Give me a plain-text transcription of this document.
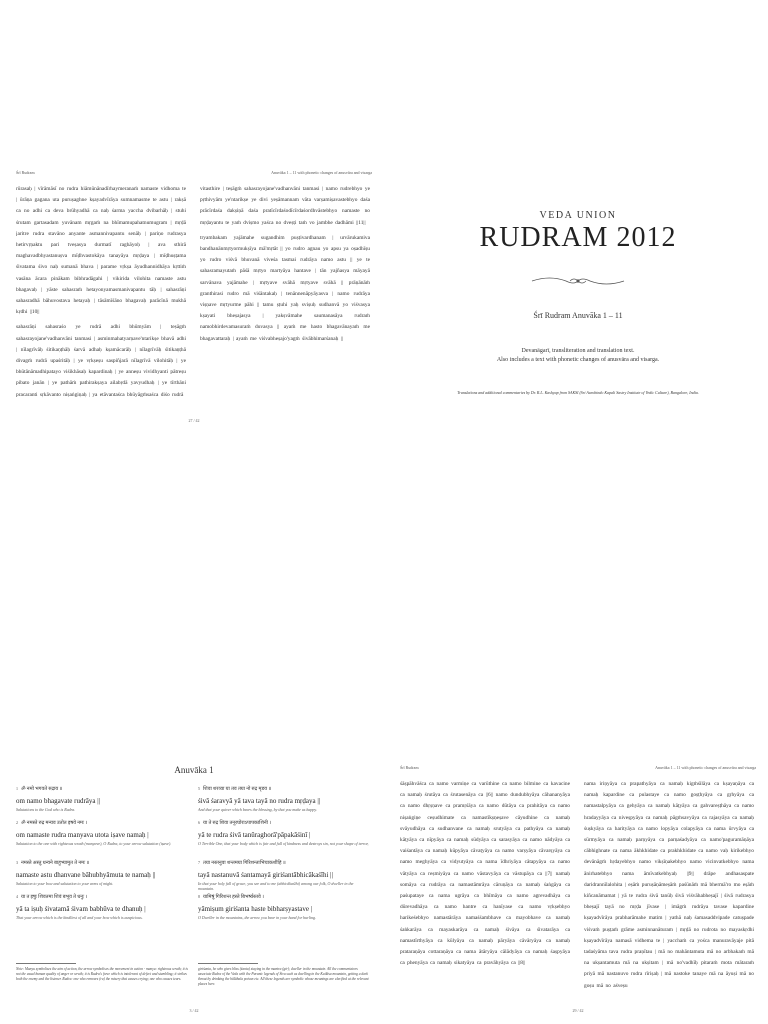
Śrī Rudram	Anuvāka 1 – 11 with phonetic changes of anusvāra and visarga

rūrasaḥ | vīrāmāsī no rudra hiāmūnānadīrhaymeranaṁ namaste vidhoma te | ūrāṇa gagana uta puruṣaghne kṣayadvīrāya sumnamasme te astu | rakṣā ca no adhi ca deva brūhyadhā ca naḥ śarma yaccha dvibarhāḥ | stuhi śrutam gartasadam yuvānam mṛgaṁ na bhīmamupahatnumugram | mṛḍā jaritre rudra stavāno anyante asmannivapantu senāḥ | pariṇo rudrasya hetirvṛṇaktu pari tveṣasya durmatī raghāyoḥ | ava sthirā maghavadbhyastanuṣva mīḍhvastokāya tanayāya mṛḍaya | mīḍhuṣṭama śivatama śivo naḥ sumanā bhava | parame vṛkṣa āyudhannidhāya kṛttiṁ vasāna ācara pinākam bibhradāgahi | vikirida vilohita namaste astu bhagavaḥ | yāste sahasraṁ hetayonyamasmanivapantu tāḥ | sahasrāṇi sahasradhā bāhuvostava hetayaḥ | tāsāmīśāno bhagavaḥ parācīnā mukhā kṛdhi ||10||

sahasrāṇi sahasraśo ye rudrā adhi bhūmyām | teṣāgṁ sahasrayojane'vadhanvāni tanmasi | asminmahatyarṇave'ntarikṣe bhavā adhi | nīlagrīvāḥ śitikaṇṭhāḥ śarvā adhaḥ kṣamācarāḥ | nīlagrīvāḥ śitikaṇṭhā divagṁ rudrā upaśritāḥ | ye vṛkṣeṣu saspiñjarā nīlagrīvā vilohitāḥ | ye bhūtānāmadhipatayo viśikhāsaḥ kapardinaḥ | ye anneṣu vividhyanti pātreṣu pibato janān | ye pathāṁ pathirakṣaya ailabṛdā yavyudhaḥ | ye tīrthāni pracaranti sṛkāvanto niṣaṅgiṇaḥ | ya etāvantaśca bhūyāgṁsaśca diśo rudrā

vitasthire | teṣāgṁ sahasrayojane'vadhanvāni tanmasi | namo rudrebhyo ye pṛthivyām ye'ntarikṣe ye divi yeṣāmannam vāta varṣamiṣavastebhyo daśa prācīrdaśa dakṣiṇā daśa pratīcīrdaśodīcīrdaśordhvāstebhyo namaste no mṛḍayantu te yaṁ dviṣmo yaśca no dveṣṭi taṁ vo jambhe dadhāmi ||11||

tryambakam yajāmahe sugandhim puṣṭivardhanam | urvārukamiva bandhanānmṛtyormukṣīya mā'mṛtāt || yo rudro agnau yo apsu ya oṣadhīṣu yo rudro viśvā bhuvanā viveśa tasmai rudrāya namo astu || ye te sahasramayutaṁ pāśā mṛtyo martyāya hantave | tān yajñasya māyayā sarvānava yajāmahe | mṛtyave svāhā mṛtyave svāhā || prāṇānāṁ granthirasi rudro mā viśāntakaḥ | tenānnenāpyāyasva | namo rudrāya viṣṇave mṛtyurme pāhi || tamu ṣṭuhi yaḥ sviṣuḥ sudhanvā yo viśvasya kṣayati bheṣajasya | yakṣvāmahe saumanasāya rudraṁ namobhirdevamasuraṁ duvasya || ayaṁ me hasto bhagavānayaṁ me bhagavattaraḥ | ayaṁ me viśvabheṣajo'yagṁ śivābhimarśanaḥ ||

27 / 42
VEDA UNION
RUDRAM 2012
Śrī Rudram Anuvāka 1 – 11
Devanāgarī, transliteration and translation text.
Also includes a text with phonetic changes of anusvāra and visarga.
Translations and additional commentaries by Dr. R.L. Kashyap from SAKSI (Sri Aurobindo Kapali Sastry Institute of Vedic Culture), Bangalore, India.
Anuvāka 1
1 ॐ नमो भगवते रुद्राय ॥
om namo bhagavate rudrāya ||
Salutations to the God who is Rudra.
2 ॐ नमस्ते रुद्र मन्यव उतोत इषवे नमः ।
om namaste rudra manyava utota iṣave namaḥ |
Salutation to the one with righteous wrath (manyave), O Rudra, to your arrow salutation (iṣave).
3 नमस्ते अस्तु धन्वने बाहुभ्यामुत ते नमः ॥
namaste astu dhanvane bāhubhyāmuta te namaḥ ||
Salutation to your bow and salutation to your arms of might.
4 या त इषुः शिवतमा शिवं बभूव ते धनुः ।
yā ta iṣuḥ śivatamā śivam babhūva te dhanuḥ |
That your arrow which is the kindliest of all and your bow which is auspicious.
5 शिवा शरव्या या तव तया नो रुद्र मृडय ॥
śivā śaravyā yā tava tayā no rudra mṛḍaya ||
And that your quiver which bears the blessing, by that you make us happy.
6 या ते रुद्र शिवा तनूरघोराऽपापकाशिनी ।
yā te rudra śivā tanūraghorā'pāpakāśinī |
O Terrible One, that your body which is fair and full of kindness and destroys sin, not your shape of terror,
7 तया नस्तनुवा शन्तमया गिरिशन्ताभिचाकशीहि ॥
tayā nastanuvā śantamayā giriśantābhicākaśīhi ||
In that your holy fall of grace, you see and to me (abhicākaśīhi) among our folk, O dweller in the mountain.
8 यामिषुं गिरिशन्त हस्ते बिभर्ष्यस्तवे ।
yāmiṣum giriśanta haste bibharṣyastave |
O Dweller in the mountains, the arrow you bear in your hand for hurling.
Note: Manyu symbolises the aim of action, the arrow symbolises the movement in action - manyu: righteous wrath; it is not the usual human quality of anger or wrath; it is Rudra's force which is intolerant of defect and stumbling; it strikes both the enemy and the listener. Rudra: one who removes (ru) the misery that causes crying; one who causes tears.
giriśanta, he who gives bliss (śanta) staying in the mantra (gir); dweller in the mountain. All the commentators associate Rudra of the Veda with the Puranic legends of Śiva such as dwelling in the Kailāsa mountain, getting a dark throat by drinking the hālāhala poison etc. All these legends are symbolic whose meanings are clarified at the relevant places here.
3 / 42
Śrī Rudram	Anuvāka 1 – 11 with phonetic changes of anusvāra and visarga

śāṣpāhvāśca ca namo varmiṇe ca varūthine ca namo bilmine ca kavacine ca namaḥ śrutāya ca śrutasenāya ca ||6|| namo dundubhyāya cāhananyāya ca namo dhṛṣṇave ca pramṛśāya ca namo dūtāya ca prahitāya ca namo niṣaṅgiṇe ceṣudhimate ca namastīkṣṇeṣave cāyudhine ca namaḥ svāyudhāya ca sudhanvane ca namaḥ srutyāya ca pathyāya ca namaḥ kāṭyāya ca nīpyāya ca namaḥ sūdyāya ca sarasyāya ca namo nādyāya ca vaiśantāya ca namaḥ kūpyāya cāvaṭyāya ca namo varṣyāya cāvarṣyāya ca namo meghyāya ca vidyutyāya ca nama īdhriyāya cātapyāya ca namo vātyāya ca reṣmiyāya ca namo vāstavyāya ca vāstupāya ca ||7|| namaḥ somāya ca rudrāya ca namastāmrāya cāruṇāya ca namaḥ śaṅgāya ca paśupataye ca nama ugrāya ca bhīmāya ca namo agrevadhāya ca dūrevadhāya ca namo hantre ca hanīyase ca namo vṛkṣebhyo harikeśebhyo namastārāya namaśśambhave ca mayobhave ca namaḥ śaṅkarāya ca mayaskarāya ca namaḥ śivāya ca śivatarāya ca namastīrthyāya ca kūlyāya ca namaḥ pāryāya cāvāryāya ca namaḥ prataraṇāya cottaraṇāya ca nama ātāryāya cālādyāya ca namaḥ śaṣpyāya ca phenyāya ca namaḥ sikatyāya ca pravāhyāya ca ||8||

nama iriṇyāya ca prapathyāya ca namaḥ kigṁśilāya ca kṣayaṇāya ca namaḥ kapardine ca pulastaye ca namo goṣṭhyāya ca gṛhyāya ca namastalpyāya ca gehyāya ca namaḥ kāṭyāya ca gahvareṣṭhāya ca namo hradayyāya ca niveṣpyāya ca namaḥ pāgṁsavyāya ca rajasyāya ca namaḥ śuṣkyāya ca harityāya ca namo lopyāya colapyāya ca nama ūrvyāya ca sūrmyāya ca namaḥ parṇyāya ca parṇaśadyāya ca namo'paguramāṇāya cābhighnate ca nama ākhkhidate ca prakhkhidate ca namo vaḥ kirikebhyo devānāgṁ hṛdayebhyo namo vikṣīṇakebhyo namo vicinvatkebhyo nama ānirhatebhyo nama āmīvatkebhyaḥ ||9|| drāpe andhasaspate daridrannīlalohita | eṣāṁ puruṣāṇāmeṣāṁ paśūnāṁ mā bhermā'ro mo eṣāṁ kiñcanāmamat | yā te rudra śivā tanūḥ śivā viśvāhabheṣajī | śivā rudrasya bheṣajī tayā no mṛḍa jīvase | imāgṁ rudrāya tavase kapardine kṣayadvīrāya prabharāmahe matim | yathā naḥ śamasaddvipade catuṣpade viśvaṁ puṣṭaṁ grāme asminnanāturam | mṛḍā no rudrota no mayaskṛdhi kṣayadvīrāya namasā vidhema te | yacchaṁ ca yośca manuravāyaje pitā tadaśyāma tava rudra praṇītau | mā no mahāntamuta mā no arbhakaṁ mā na ukṣantamuta mā na ukṣitam | mā no'vadhīḥ pitaraṁ mota mātaraṁ priyā mā nastanuvo rudra rīriṣaḥ | mā nastoke tanaye mā na āyuṣi mā no goṣu mā no aśveṣu

29 / 42
